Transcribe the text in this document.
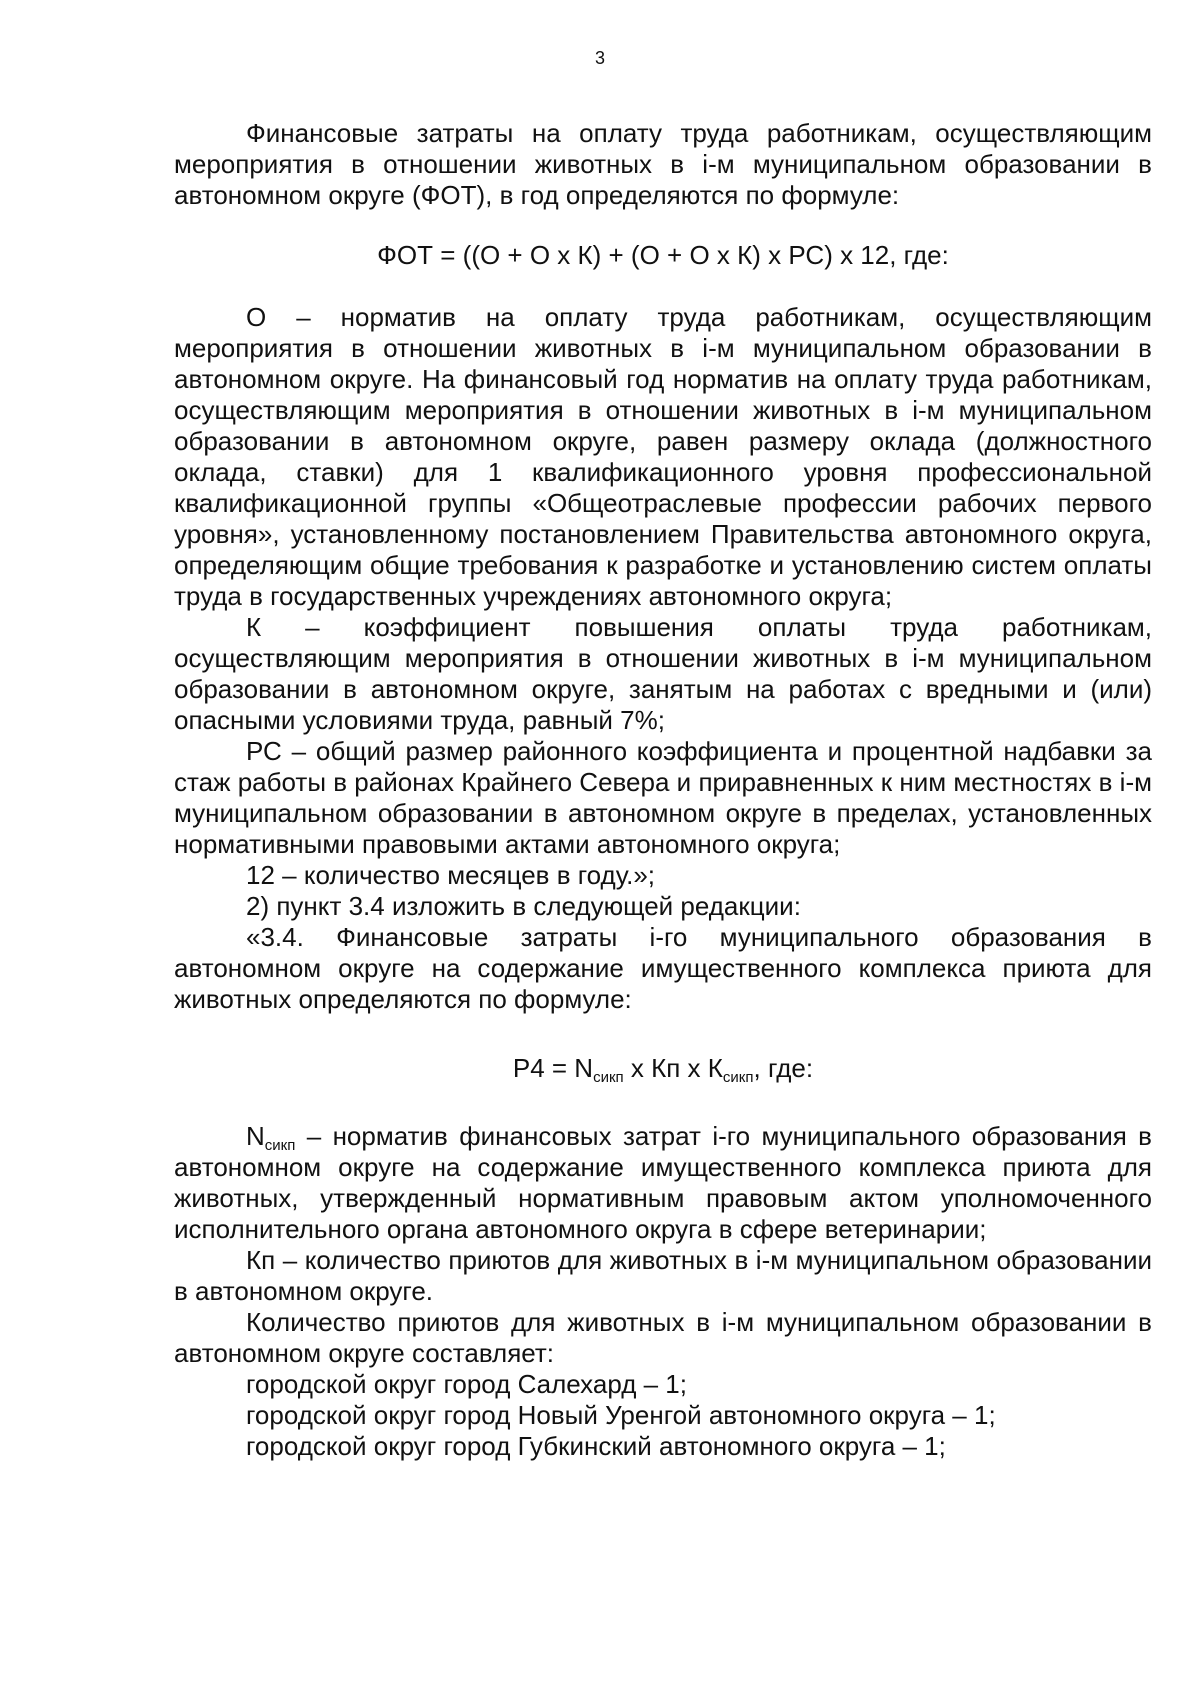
3

Финансовые затраты на оплату труда работникам, осуществляющим мероприятия в отношении животных в i-м муниципальном образовании в автономном округе (ФОТ), в год определяются по формуле:

ФОТ = ((О + О х К) + (О + О х К) х РС) х 12, где:

О – норматив на оплату труда работникам, осуществляющим мероприятия в отношении животных в i-м муниципальном образовании в автономном округе. На финансовый год норматив на оплату труда работникам, осуществляющим мероприятия в отношении животных в i-м муниципальном образовании в автономном округе, равен размеру оклада (должностного оклада, ставки) для 1 квалификационного уровня профессиональной квалификационной группы «Общеотраслевые профессии рабочих первого уровня», установленному постановлением Правительства автономного округа, определяющим общие требования к разработке и установлению систем оплаты труда в государственных учреждениях автономного округа;

К – коэффициент повышения оплаты труда работникам, осуществляющим мероприятия в отношении животных в i-м муниципальном образовании в автономном округе, занятым на работах с вредными и (или) опасными условиями труда, равный 7%;

РС – общий размер районного коэффициента и процентной надбавки за стаж работы в районах Крайнего Севера и приравненных к ним местностях в i-м муниципальном образовании в автономном округе в пределах, установленных нормативными правовыми актами автономного округа;

12 – количество месяцев в году.»;

2) пункт 3.4 изложить в следующей редакции:

«3.4. Финансовые затраты i-го муниципального образования в автономном округе на содержание имущественного комплекса приюта для животных определяются по формуле:

$Р4 = N_{сикп}$ х Кп х $К_{сикп}$, где:

$N_{сикп}$ – норматив финансовых затрат i-го муниципального образования в автономном округе на содержание имущественного комплекса приюта для животных, утвержденный нормативным правовым актом уполномоченного исполнительного органа автономного округа в сфере ветеринарии;

Кп – количество приютов для животных в i-м муниципальном образовании в автономном округе.

Количество приютов для животных в i-м муниципальном образовании в автономном округе составляет:

городской округ город Салехард – 1;

городской округ город Новый Уренгой автономного округа – 1;

городской округ город Губкинский автономного округа – 1;
